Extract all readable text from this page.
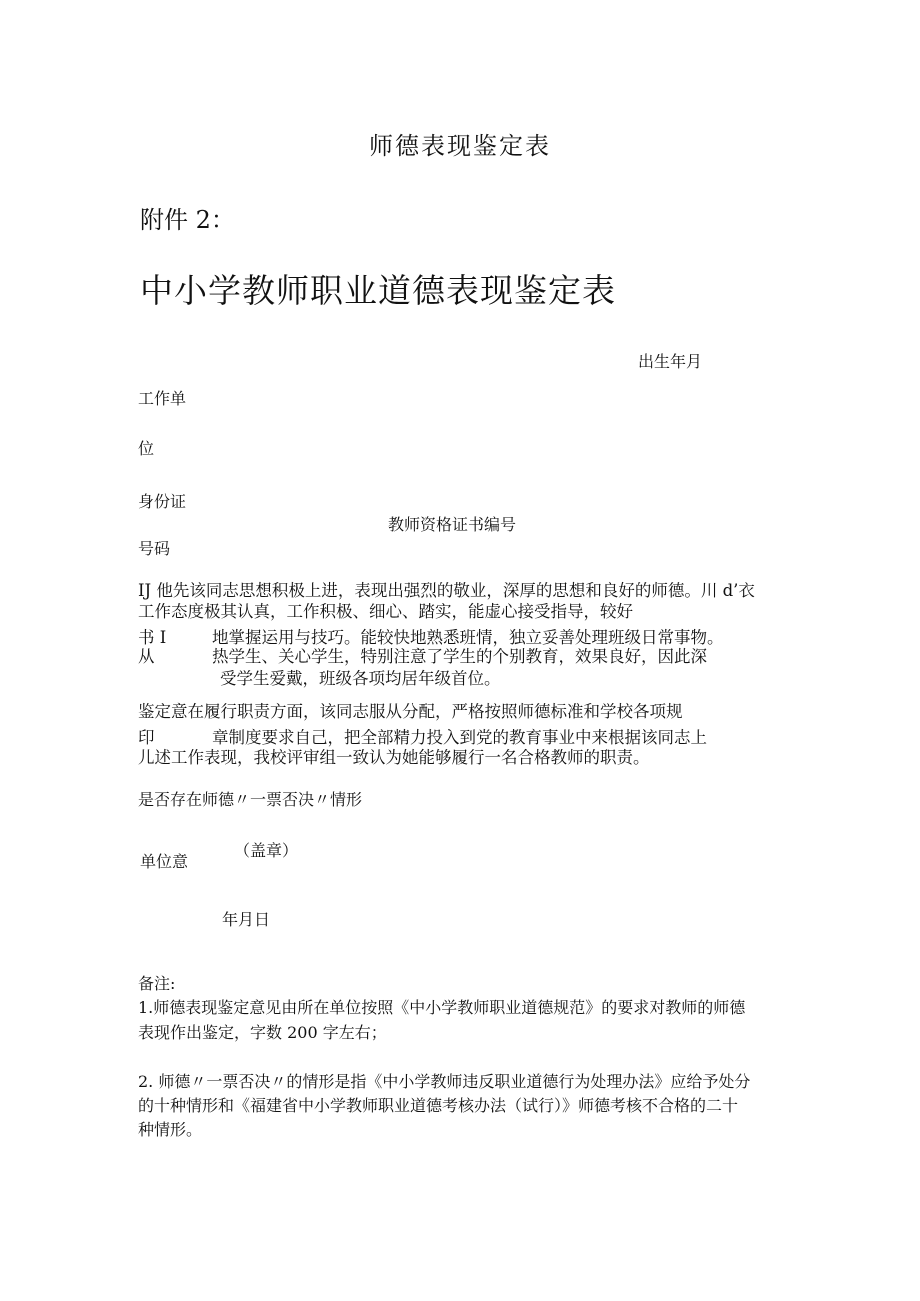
师德表现鉴定表
附件 2：
中小学教师职业道德表现鉴定表
出生年月
工作单
位
身份证
教师资格证书编号
号码
IJ 他先该同志思想积极上进，表现出强烈的敬业，深厚的思想和良好的师德。川 d’衣
工作态度极其认真，工作积极、细心、踏实，能虚心接受指导，较好
书 I	地掌握运用与技巧。能较快地熟悉班情，独立妥善处理班级日常事物。
从	热学生、关心学生，特别注意了学生的个别教育，效果良好，因此深
受学生爱戴，班级各项均居年级首位。
鉴定意在履行职责方面，该同志服从分配，严格按照师德标准和学校各项规
印	章制度要求自己，把全部精力投入到党的教育事业中来根据该同志上
儿述工作表现，我校评审组一致认为她能够履行一名合格教师的职责。
是否存在师德〃一票否决〃情形
（盖章）
单位意
年月日
备注:
1.师德表现鉴定意见由所在单位按照《中小学教师职业道德规范》的要求对教师的师德
表现作出鉴定，字数 200 字左右；
2. 师德〃一票否决〃的情形是指《中小学教师违反职业道德行为处理办法》应给予处分
的十种情形和《福建省中小学教师职业道德考核办法（试行）》师德考核不合格的二十
种情形。
